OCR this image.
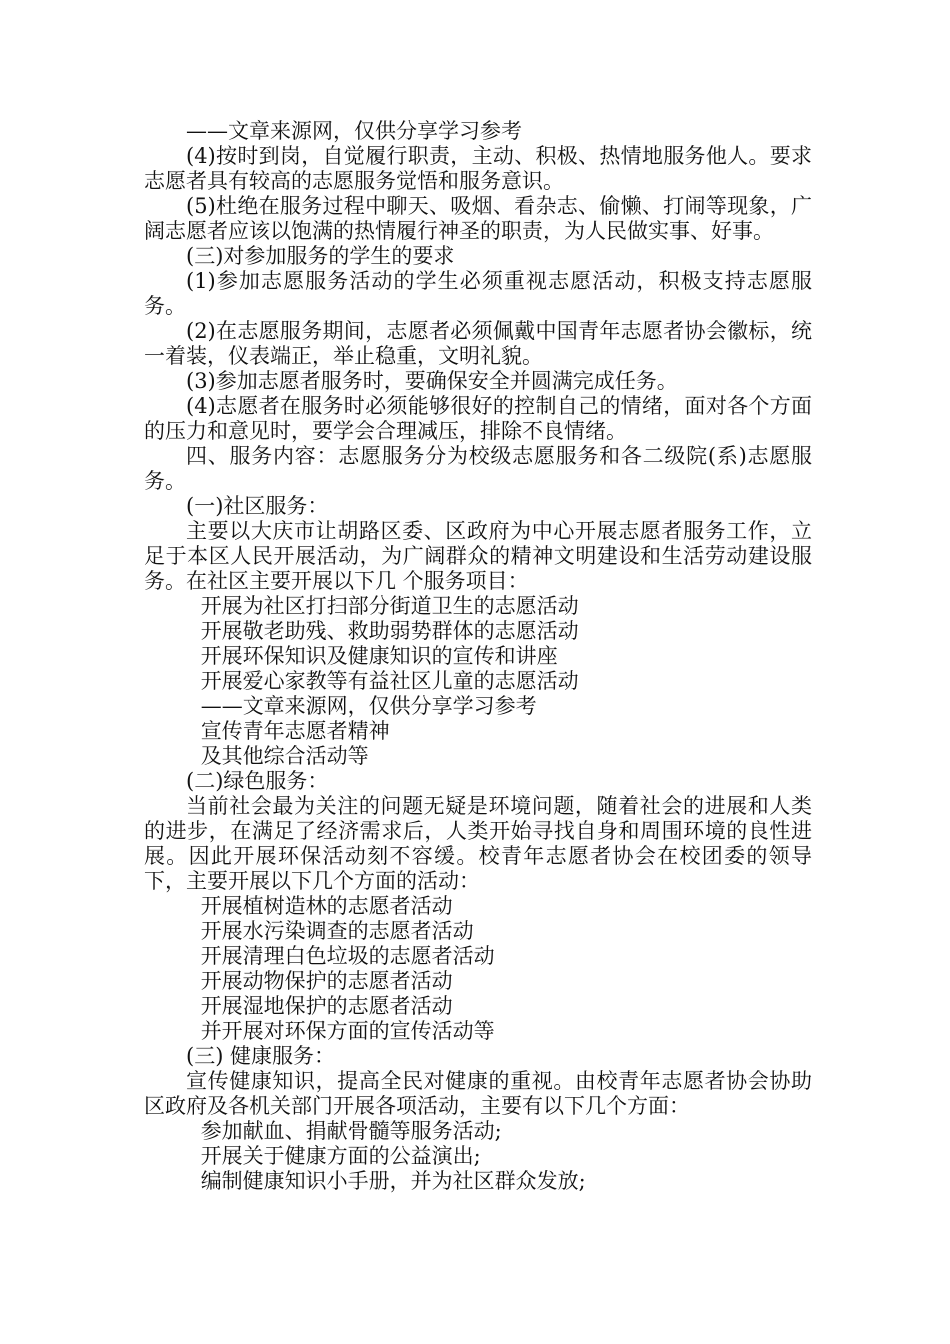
——文章来源网，仅供分享学习参考

(4)按时到岗，自觉履行职责，主动、积极、热情地服务他人。要求志愿者具有较高的志愿服务觉悟和服务意识。

(5)杜绝在服务过程中聊天、吸烟、看杂志、偷懒、打闹等现象，广阔志愿者应该以饱满的热情履行神圣的职责，为人民做实事、好事。

(三)对参加服务的学生的要求

(1)参加志愿服务活动的学生必须重视志愿活动，积极支持志愿服务。

(2)在志愿服务期间，志愿者必须佩戴中国青年志愿者协会徽标，统一着装，仪表端正，举止稳重，文明礼貌。

(3)参加志愿者服务时，要确保安全并圆满完成任务。

(4)志愿者在服务时必须能够很好的控制自己的情绪，面对各个方面的压力和意见时，要学会合理减压，排除不良情绪。

四、服务内容：志愿服务分为校级志愿服务和各二级院(系)志愿服务。

(一)社区服务：

主要以大庆市让胡路区委、区政府为中心开展志愿者服务工作，立足于本区人民开展活动，为广阔群众的精神文明建设和生活劳动建设服务。在社区主要开展以下几 个服务项目：

开展为社区打扫部分街道卫生的志愿活动

开展敬老助残、救助弱势群体的志愿活动

开展环保知识及健康知识的宣传和讲座

开展爱心家教等有益社区儿童的志愿活动

——文章来源网，仅供分享学习参考

宣传青年志愿者精神

及其他综合活动等

(二)绿色服务：

当前社会最为关注的问题无疑是环境问题，随着社会的进展和人类的进步，在满足了经济需求后，人类开始寻找自身和周围环境的良性进展。因此开展环保活动刻不容缓。校青年志愿者协会在校团委的领导下，主要开展以下几个方面的活动：

开展植树造林的志愿者活动

开展水污染调查的志愿者活动

开展清理白色垃圾的志愿者活动

开展动物保护的志愿者活动

开展湿地保护的志愿者活动

并开展对环保方面的宣传活动等

(三) 健康服务：

宣传健康知识，提高全民对健康的重视。由校青年志愿者协会协助区政府及各机关部门开展各项活动，主要有以下几个方面：

参加献血、捐献骨髓等服务活动;

开展关于健康方面的公益演出;

编制健康知识小手册，并为社区群众发放;
